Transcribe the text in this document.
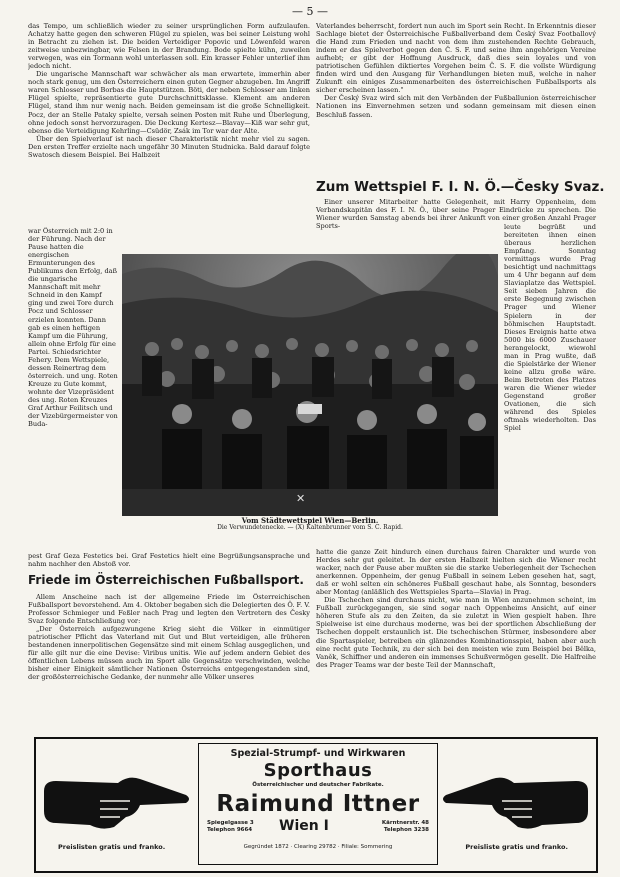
— 5 —

das Tempo, um schließlich wieder zu seiner ursprünglichen Form aufzulaufen. Achatzy hatte gegen den schweren Flügel zu spielen, was bei seiner Leistung wohl in Betracht zu ziehen ist. Die beiden Verteidiger Popovic und Löwenfeld waren zeitweise unbezwingbar, wie Felsen in der Brandung. Bode spielte kühn, zuweilen verwegen, was ein Tormann wohl unterlassen soll. Ein krasser Fehler unterlief ihm jedoch nicht.

Die ungarische Mannschaft war schwächer als man erwartete, immerhin aber noch stark genug, um den Österreichern einen guten Gegner abzugeben. Im Angriff waren Schlosser und Borbas die Hauptstützen. Böti, der neben Schlosser am linken Flügel spielte, repräsentierte gute Durchschnittsklasse. Klement am anderen Flügel, stand ihm nur wenig nach. Beiden gemeinsam ist die große Schnelligkeit. Pocz, der an Stelle Pataky spielte, versah seinen Posten mit Ruhe und Überlegung, ohne jedoch sonst hervorzuragen. Die Deckung Kertesz—Blavay—Kiß war sehr gut, ebenso die Verteidigung Kehrling—Csüdör, Zsák im Tor war der Alte.

Über den Spielverlauf ist nach dieser Charakteristik nicht mehr viel zu sagen. Den ersten Treffer erzielte nach ungefähr 30 Minuten Studnicka. Bald darauf folgte Swatosch diesem Beispiel. Bei Halbzeit

Vaterlandes beherrscht, fordert nun auch im Sport sein Recht. In Erkenntnis dieser Sachlage bietet der Österreichische Fußballverband dem Český Svaz Footballový die Hand zum Frieden und nacht von dem ihm zustehenden Rechte Gebrauch, indem er das Spielverbot gegen den Č. S. F. und seine ihm angehörigen Vereine aufhebt; er gibt der Hoffnung Ausdruck, daß dies sein loyales und von patriotischen Gefühlen diktiertes Vorgehen beim Č. S. F. die vollste Würdigung finden wird und den Ausgang für Verhandlungen bieten muß, welche in naher Zukunft ein einiges Zusammenarbeiten des österreichischen Fußballsports als sicher erscheinen lassen."

Der Český Svaz wird sich mit den Verbänden der Fußballunion österreichischer Nationen ins Einvernehmen setzen und sodann gemeinsam mit diesen einen Beschluß fassen.

Zum Wettspiel F. I. N. Ö.—Česky Svaz.

Einer unserer Mitarbeiter hatte Gelegenheit, mit Harry Oppenheim, dem Verbandskapitän des F. I. N. Ö., über seine Prager Eindrücke zu sprechen. Die Wiener wurden Samstag abends bei ihrer Ankunft von einer großen Anzahl Prager Sports-

war Österreich mit 2:0 in der Führung. Nach der Pause hatten die energischen Ermunterungen des Publikums den Erfolg, daß die ungarische Mannschaft mit mehr Schneid in den Kampf ging und zwei Tore durch Pocz und Schlosser erzielen konnten. Dann gab es einen heftigen Kampf um die Führung, allein ohne Erfolg für eine Partei. Schiedsrichter Fehery. Dem Wettspiele, dessen Reinertrag dem österreich. und ung. Roten Kreuze zu Gute kommt, wohnte der Vizepräsident des ung. Roten Kreuzes Graf Arthur Feilitsch und der Vizebürgermeister von Buda-

leute begrüßt und bereiteten ihnen einen überaus herzlichen Empfang. Sonntag vormittags wurde Prag besichtigt und nachmittags um 4 Uhr begann auf dem Slaviaplatze das Wettspiel. Seit sieben Jahren die erste Begegnung zwischen Prager und Wiener Spielern in der böhmischen Hauptstadt. Dieses Ereignis hatte etwa 5000 bis 6000 Zuschauer herangelockt, wiewohl man in Prag wußte, daß die Spielstärke der Wiener keine allzu große wäre. Beim Betreten des Platzes waren die Wiener wieder Gegenstand großer Ovationen, die sich während des Spieles oftmals wiederholten. Das Spiel

✕
Vom Städtewettspiel Wien—Berlin.
Die Verwundetenecke. — (X) Kaltenbrunner vom S. C. Rapid.

pest Graf Geza Festetics bei. Graf Festetics hielt eine Begrüßungsansprache und nahm nachher den Abstoß vor.

Friede im Österreichischen Fußballsport.

Allem Anscheine nach ist der allgemeine Friede im Österreichischen Fußballsport bevorstehend. Am 4. Oktober begaben sich die Delegierten des Ö. F. V. Professor Schmieger und Feßler nach Prag und legten den Vertretern des Česky Svaz folgende Entschließung vor:

„Der Österreich aufgezwungene Krieg sieht die Völker in einmütiger patriotischer Pflicht das Vaterland mit Gut und Blut verteidigen, alle früheren bestandenen innerpolitischen Gegensätze sind mit einem Schlag ausgeglichen, und für alle gilt nur die eine Devise: Viribus unitis. Wie auf jedem andern Gebiet des öffentlichen Lebens müssen auch im Sport alle Gegensätze verschwinden, welche bisher einer Einigkeit sämtlicher Nationen Österreichs entgegengestanden sind, der großösterreichische Gedanke, der nunmehr alle Völker unseres

hatte die ganze Zeit hindurch einen durchaus fairen Charakter und wurde von Herdes sehr gut geleitet. In der ersten Halbzeit hielten sich die Wiener recht wacker, nach der Pause aber mußten sie die starke Ueberlegenheit der Tschechen anerkennen. Oppenheim, der genug Fußball in seinem Leben gesehen hat, sagt, daß er wohl selten ein schöneres Fußball geschaut habe, als Sonntag, besonders aber Montag (anläßlich des Wettspieles Sparta—Slavia) in Prag.

Die Tschechen sind durchaus nicht, wie man in Wien anzunehmen scheint, im Fußball zurückgegangen, sie sind sogar nach Oppenheims Ansicht, auf einer höheren Stufe als zu den Zeiten, da sie zuletzt in Wien gespielt haben. Ihre Spielweise ist eine durchaus moderne, was bei der sportlichen Abschließung der Tschechen doppelt erstaunlich ist. Die tschechischen Stürmer, insbesondere aber die Spartaspieler, betreiben ein glänzendes Kombinationsspiel, haben aber auch eine recht gute Technik, zu der sich bei den meisten wie zum Beispiel bei Bělka, Vaněk, Schiffner und anderen ein immenses Schußvermögen gesellt. Die Halfreihe des Prager Teams war der beste Teil der Mannschaft,

Preislisten gratis und franko.	Preisliste gratis und franko.
Spezial-Strumpf- und Wirkwaren
Sporthaus
Österreichischer und deutscher Fabrikate.
Raimund Ittner
Spiegelgasse 3
Telephon 9664	Wien I	Kärntnerstr. 48
Telephon 3238
Gegründet 1872 · Clearing 29782 · Filiale: Sommering
